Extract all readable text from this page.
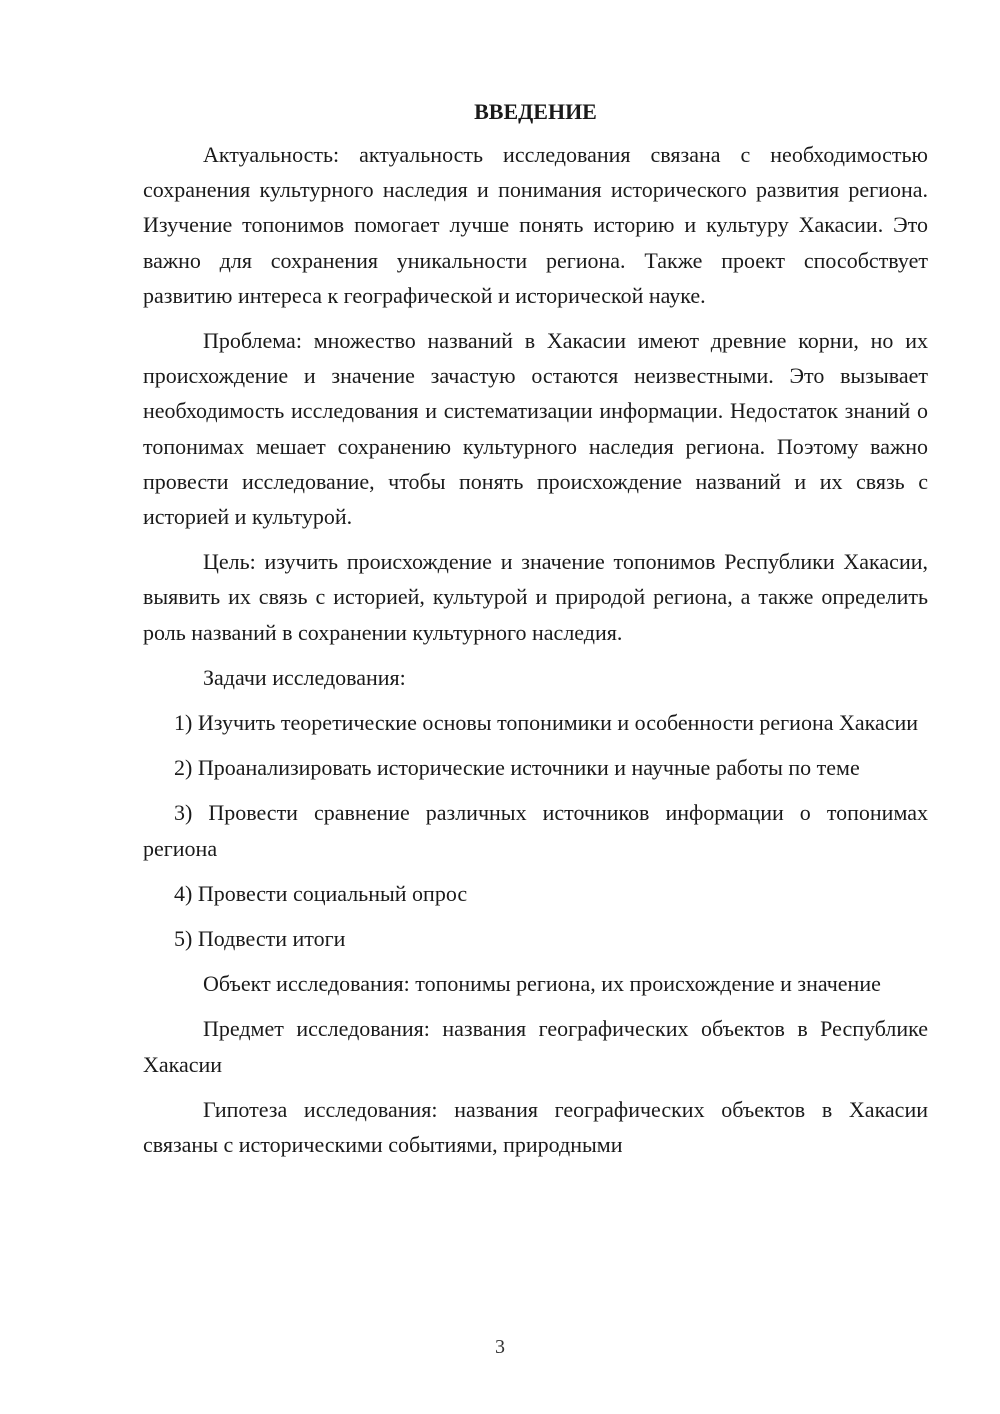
ВВЕДЕНИЕ

Актуальность: актуальность исследования связана с необходимостью сохранения культурного наследия и понимания исторического развития региона. Изучение топонимов помогает лучше понять историю и культуру Хакасии. Это важно для сохранения уникальности региона. Также проект способствует развитию интереса к географической и исторической науке.

Проблема: множество названий в Хакасии имеют древние корни, но их происхождение и значение зачастую остаются неизвестными. Это вызывает необходимость исследования и систематизации информации. Недостаток знаний о топонимах мешает сохранению культурного наследия региона. Поэтому важно провести исследование, чтобы понять происхождение названий и их связь с историей и культурой.

Цель: изучить происхождение и значение топонимов Республики Хакасии, выявить их связь с историей, культурой и природой региона, а также определить роль названий в сохранении культурного наследия.

Задачи исследования:

1) Изучить теоретические основы топонимики и особенности региона Хакасии

2) Проанализировать исторические источники и научные работы по теме

3) Провести сравнение различных источников информации о топонимах региона

4) Провести социальный опрос

5) Подвести итоги

Объект исследования: топонимы региона, их происхождение и значение

Предмет исследования: названия географических объектов в Республике Хакасии

Гипотеза исследования: названия географических объектов в Хакасии связаны с историческими событиями, природными

3
